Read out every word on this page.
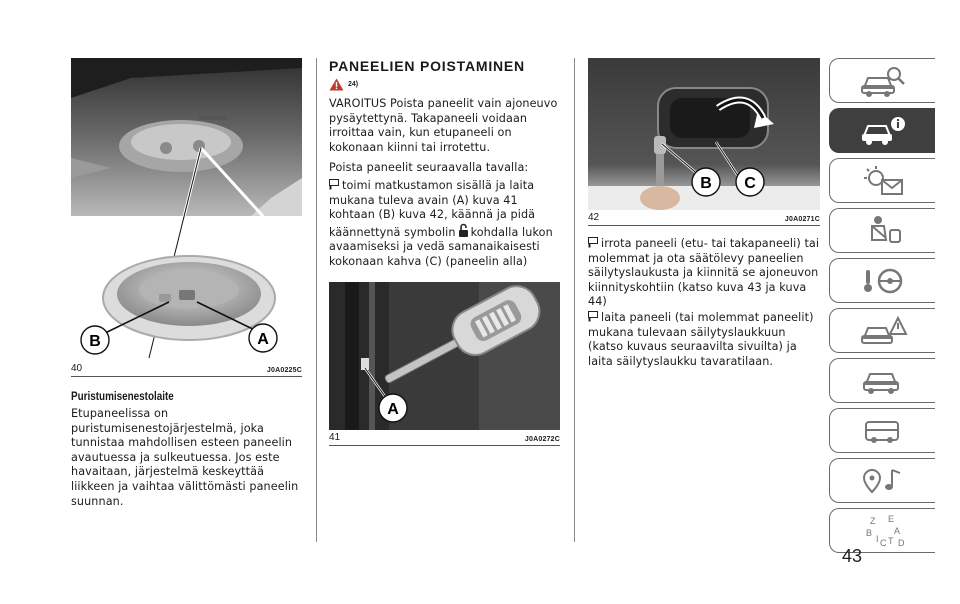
B	A
40	J0A0225C
Puristumisenestolaite
Etupaneelissa on puristumisenestojärjestelmä, joka tunnistaa mahdollisen esteen paneelin avautuessa ja sulkeutuessa. Jos este havaitaan, järjestelmä keskeyttää liikkeen ja vaihtaa välittömästi paneelin suunnan.
PANEELIEN POISTAMINEN
24)
VAROITUS Poista paneelit vain ajoneuvo pysäytettynä. Takapaneeli voidaan irroittaa vain, kun etupaneeli on kokonaan kiinni tai irrotettu.
Poista paneelit seuraavalla tavalla:
toimi matkustamon sisällä ja laita mukana tuleva avain (A) kuva 41 kohtaan (B) kuva 42, käännä ja pidä käännettynä symbolin kohdalla lukon avaamiseksi ja vedä samanaikaisesti kokonaan kahva (C) (paneelin alla)
A
41	J0A0272C
B C
42	J0A0271C
irrota paneeli (etu- tai takapaneeli) tai molemmat ja ota säätölevy paneelien säilytyslaukusta ja kiinnitä se ajoneuvon kiinnityskohtiin (katso kuva 43 ja kuva 44)
laita paneeli (tai molemmat paneelit) mukana tulevaan säilytyslaukkuun (katso kuvaus seuraavilta sivuilta) ja laita säilytyslaukku tavaratilaan.
Z E
B A
I C T D
43
